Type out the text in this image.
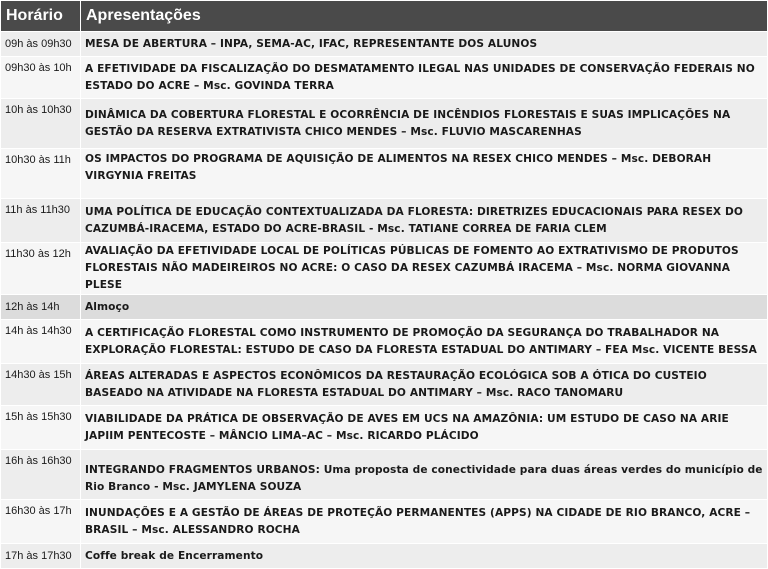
Horário	Apresentações
09h às 09h30	MESA DE ABERTURA – INPA, SEMA-AC, IFAC, REPRESENTANTE DOS ALUNOS
09h30 às 10h	A EFETIVIDADE DA FISCALIZAÇÃO DO DESMATAMENTO ILEGAL NAS UNIDADES DE CONSERVAÇÃO FEDERAIS NO ESTADO DO ACRE – Msc. GOVINDA TERRA
10h às 10h30	DINÂMICA DA COBERTURA FLORESTAL E OCORRÊNCIA DE INCÊNDIOS FLORESTAIS E SUAS IMPLICAÇÕES NA GESTÃO DA RESERVA EXTRATIVISTA CHICO MENDES – Msc. FLUVIO MASCARENHAS
10h30 às 11h	OS IMPACTOS DO PROGRAMA DE AQUISIÇÃO DE ALIMENTOS NA RESEX CHICO MENDES – Msc. DEBORAH VIRGYNIA FREITAS
11h às 11h30	UMA POLÍTICA DE EDUCAÇÃO CONTEXTUALIZADA DA FLORESTA: DIRETRIZES EDUCACIONAIS PARA RESEX DO CAZUMBÁ-IRACEMA, ESTADO DO ACRE-BRASIL - Msc. TATIANE CORREA DE FARIA CLEM
11h30 às 12h	AVALIAÇÃO DA EFETIVIDADE LOCAL DE POLÍTICAS PÚBLICAS DE FOMENTO AO EXTRATIVISMO DE PRODUTOS FLORESTAIS NÃO MADEIREIROS NO ACRE: O CASO DA RESEX CAZUMBÁ IRACEMA – Msc. NORMA GIOVANNA PLESE
12h às 14h	Almoço
14h às 14h30	A CERTIFICAÇÃO FLORESTAL COMO INSTRUMENTO DE PROMOÇÃO DA SEGURANÇA DO TRABALHADOR NA EXPLORAÇÃO FLORESTAL: ESTUDO DE CASO DA FLORESTA ESTADUAL DO ANTIMARY – FEA Msc. VICENTE BESSA
14h30 às 15h	ÁREAS ALTERADAS E ASPECTOS ECONÔMICOS DA RESTAURAÇÃO ECOLÓGICA SOB A ÓTICA DO CUSTEIO BASEADO NA ATIVIDADE NA FLORESTA ESTADUAL DO ANTIMARY – Msc. RACO TANOMARU
15h às 15h30	VIABILIDADE DA PRÁTICA DE OBSERVAÇÃO DE AVES EM UCS NA AMAZÔNIA: UM ESTUDO DE CASO NA ARIE JAPIIM PENTECOSTE – MÂNCIO LIMA–AC – Msc. RICARDO PLÁCIDO
16h às 16h30	INTEGRANDO FRAGMENTOS URBANOS: Uma proposta de conectividade para duas áreas verdes do município de Rio Branco - Msc. JAMYLENA SOUZA
16h30 às 17h	INUNDAÇÕES E A GESTÃO DE ÁREAS DE PROTEÇÃO PERMANENTES (APPS) NA CIDADE DE RIO BRANCO, ACRE – BRASIL – Msc. ALESSANDRO ROCHA
17h às 17h30	Coffe break de Encerramento
